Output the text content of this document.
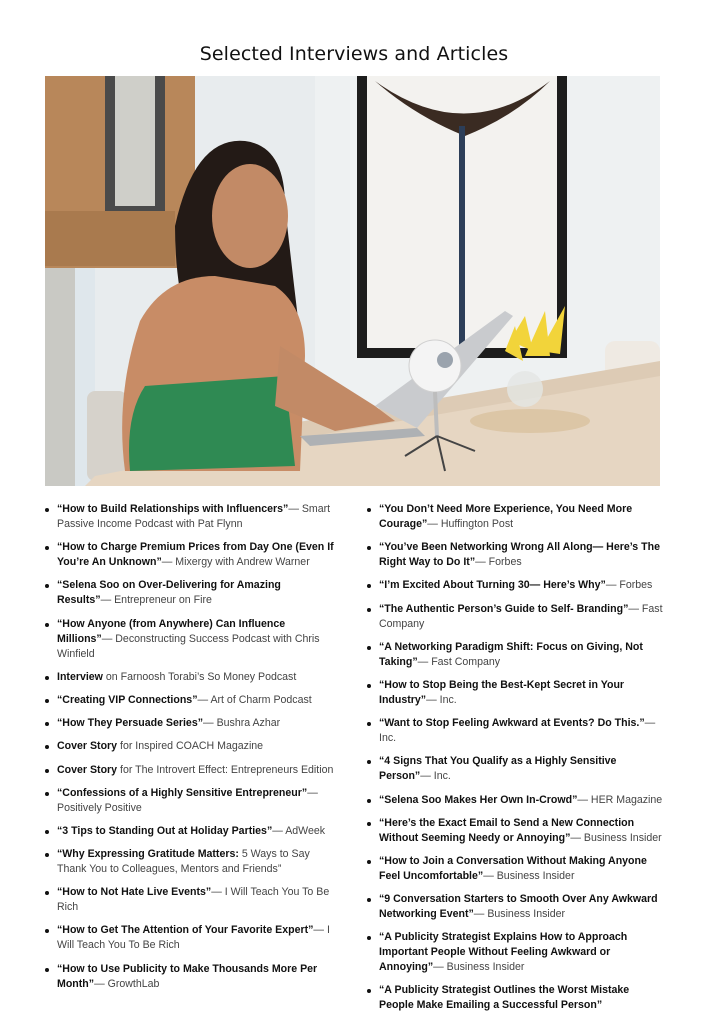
Selected Interviews and Articles
“How to Build Relationships with Influencers”— Smart Passive Income Podcast with Pat Flynn
“How to Charge Premium Prices from Day One (Even If You’re An Unknown”— Mixergy with Andrew Warner
“Selena Soo on Over-Delivering for Amazing Results”— Entrepreneur on Fire
“How Anyone (from Anywhere) Can Influence Millions”— Deconstructing Success Podcast with Chris Winfield
Interview on Farnoosh Torabi’s So Money Podcast
“Creating VIP Connections”— Art of Charm Podcast
“How They Persuade Series”— Bushra Azhar
Cover Story for Inspired COACH Magazine
Cover Story for The Introvert Effect: Entrepreneurs Edition
“Confessions of a Highly Sensitive Entrepreneur”— Positively Positive
“3 Tips to Standing Out at Holiday Parties”— AdWeek
“Why Expressing Gratitude Matters: 5 Ways to Say Thank You to Colleagues, Mentors and Friends”
“How to Not Hate Live Events”— I Will Teach You To Be Rich
“How to Get The Attention of Your Favorite Expert”— I Will Teach You To Be Rich
“How to Use Publicity to Make Thousands More Per Month”— GrowthLab
“You Don’t Need More Experience, You Need More Courage”— Huffington Post
“You’ve Been Networking Wrong All Along— Here’s The Right Way to Do It”— Forbes
“I’m Excited About Turning 30— Here’s Why”— Forbes
“The Authentic Person’s Guide to Self- Branding”— Fast Company
“A Networking Paradigm Shift: Focus on Giving, Not Taking”— Fast Company
“How to Stop Being the Best-Kept Secret in Your Industry”— Inc.
“Want to Stop Feeling Awkward at Events? Do This.”— Inc.
“4 Signs That You Qualify as a Highly Sensitive Person”— Inc.
“Selena Soo Makes Her Own In-Crowd”— HER Magazine
“Here’s the Exact Email to Send a New Connection Without Seeming Needy or Annoying”— Business Insider
“How to Join a Conversation Without Making Anyone Feel Uncomfortable”— Business Insider
“9 Conversation Starters to Smooth Over Any Awkward Networking Event”— Business Insider
“A Publicity Strategist Explains How to Approach Important People Without Feeling Awkward or Annoying”— Business Insider
“A Publicity Strategist Outlines the Worst Mistake People Make Emailing a Successful Person”
